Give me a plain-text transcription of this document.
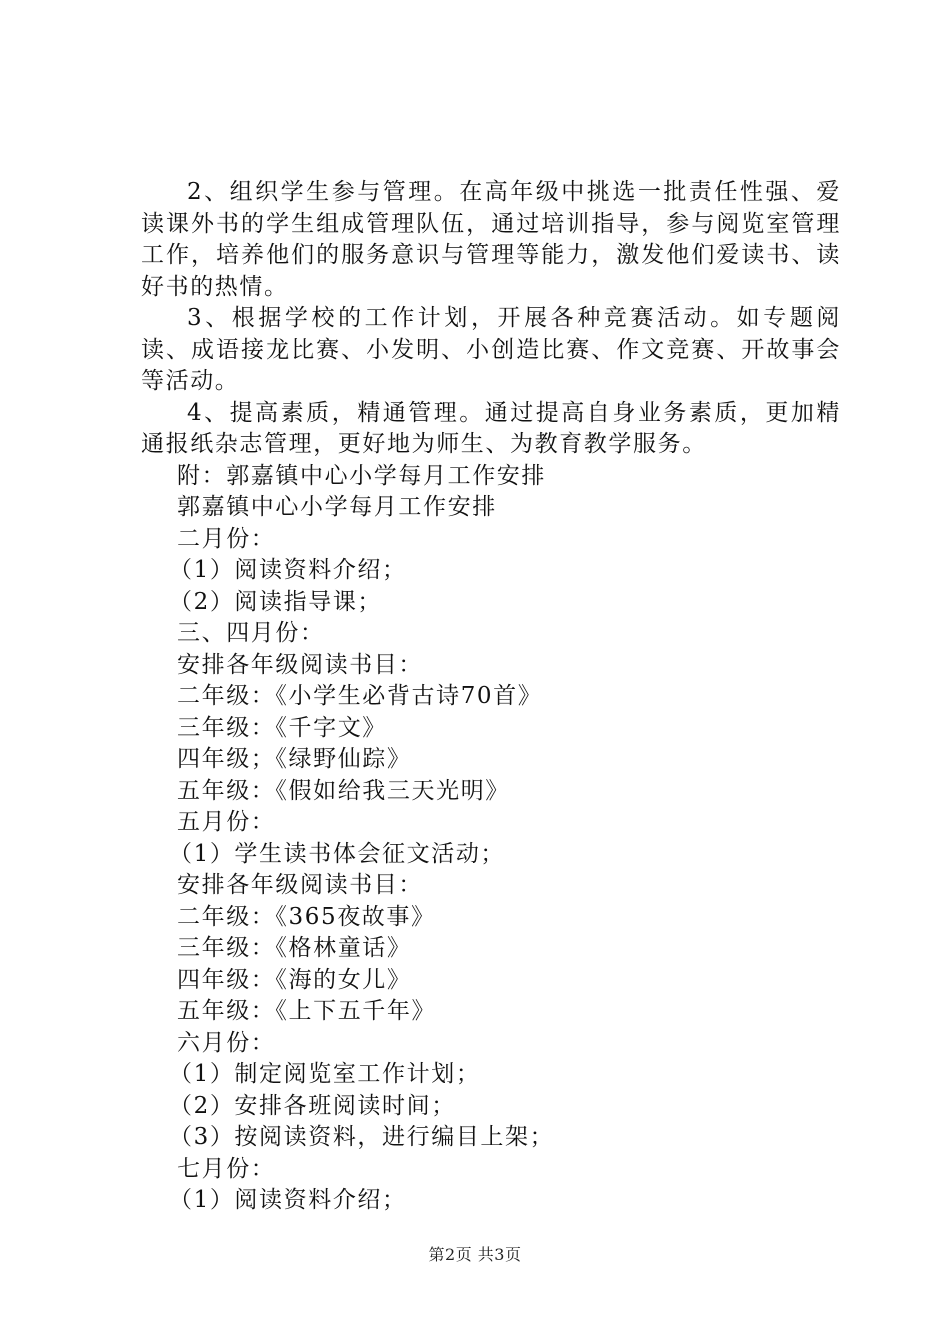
2、组织学生参与管理。在高年级中挑选一批责任性强、爱读课外书的学生组成管理队伍，通过培训指导，参与阅览室管理工作，培养他们的服务意识与管理等能力，激发他们爱读书、读好书的热情。

3、根据学校的工作计划，开展各种竞赛活动。如专题阅读、成语接龙比赛、小发明、小创造比赛、作文竞赛、开故事会等活动。

4、提高素质，精通管理。通过提高自身业务素质，更加精通报纸杂志管理，更好地为师生、为教育教学服务。

附：郭嘉镇中心小学每月工作安排

郭嘉镇中心小学每月工作安排

二月份：

（1）阅读资料介绍；

（2）阅读指导课；

三、四月份：

安排各年级阅读书目：

二年级：《小学生必背古诗70首》

三年级：《千字文》

四年级；《绿野仙踪》

五年级：《假如给我三天光明》

五月份：

（1）学生读书体会征文活动；

安排各年级阅读书目：

二年级：《365夜故事》

三年级：《格林童话》

四年级：《海的女儿》

五年级：《上下五千年》

六月份：

（1）制定阅览室工作计划；

（2）安排各班阅读时间；

（3）按阅读资料，进行编目上架；

七月份：

（1）阅读资料介绍；

第2页 共3页
